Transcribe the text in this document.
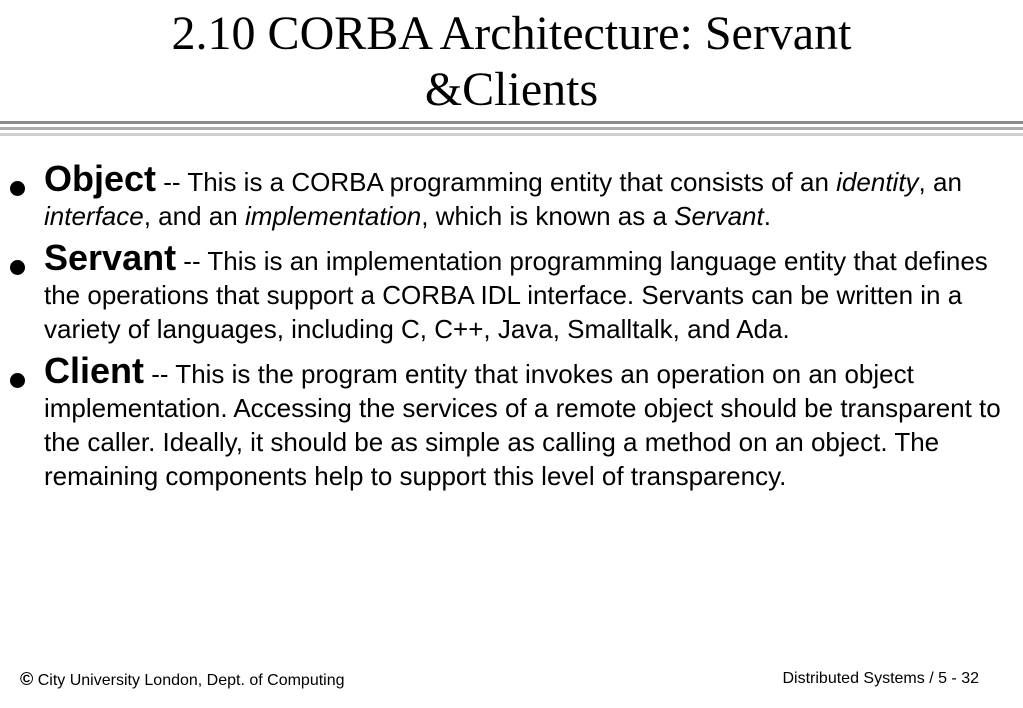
2.10 CORBA Architecture: Servant
&Clients
Object -- This is a CORBA programming entity that consists of an identity, an interface, and an implementation, which is known as a Servant.
Servant -- This is an implementation programming language entity that defines the operations that support a CORBA IDL interface. Servants can be written in a variety of languages, including C, C++, Java, Smalltalk, and Ada.
Client -- This is the program entity that invokes an operation on an object implementation. Accessing the services of a remote object should be transparent to the caller. Ideally, it should be as simple as calling a method on an object. The remaining components help to support this level of transparency.
© City University London, Dept. of Computing	Distributed Systems / 5 - 32
